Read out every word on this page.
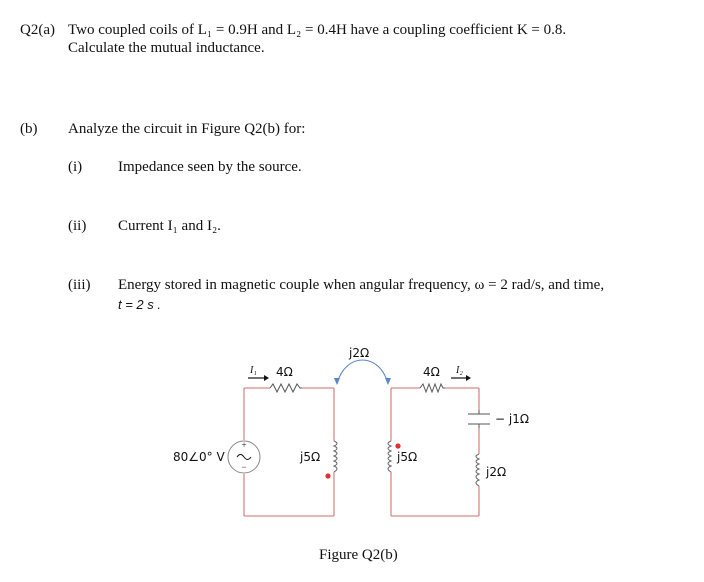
Q2(a) Two coupled coils of L₁ = 0.9H and L₂ = 0.4H have a coupling coefficient K = 0.8.
Calculate the mutual inductance.
(b) Analyze the circuit in Figure Q2(b) for:
(i) Impedance seen by the source.
(ii) Current I₁ and I₂.
(iii) Energy stored in magnetic couple when angular frequency, ω = 2 rad/s, and time,
t = 2 s .
+
−
I₁ 4Ω
j2Ω
4Ω I₂
80∠0° V	j5Ω	j5Ω
− j1Ω
j2Ω
Figure Q2(b)
